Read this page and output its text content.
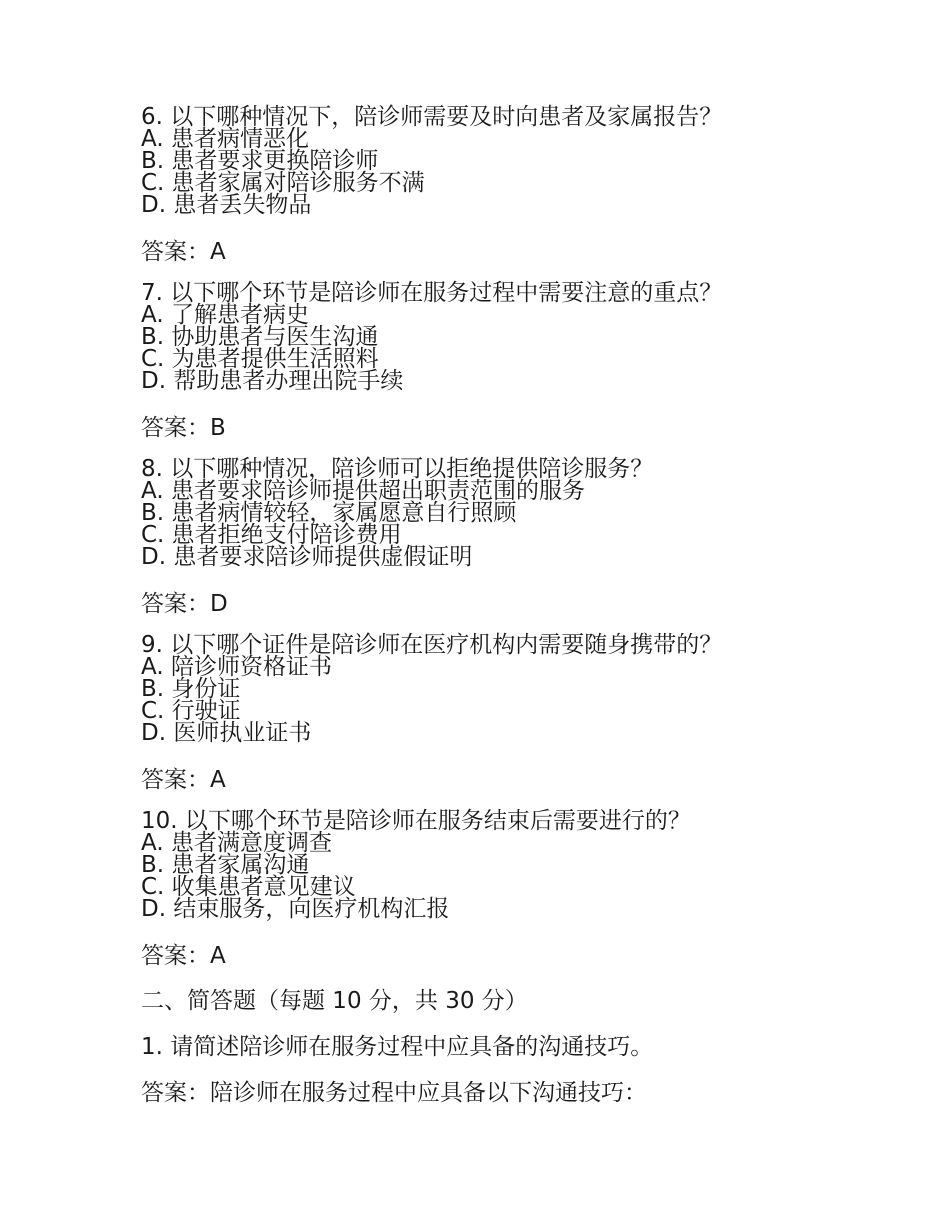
6. 以下哪种情况下，陪诊师需要及时向患者及家属报告？
A. 患者病情恶化
B. 患者要求更换陪诊师
C. 患者家属对陪诊服务不满
D. 患者丢失物品
答案：A
7. 以下哪个环节是陪诊师在服务过程中需要注意的重点？
A. 了解患者病史
B. 协助患者与医生沟通
C. 为患者提供生活照料
D. 帮助患者办理出院手续
答案：B
8. 以下哪种情况，陪诊师可以拒绝提供陪诊服务？
A. 患者要求陪诊师提供超出职责范围的服务
B. 患者病情较轻，家属愿意自行照顾
C. 患者拒绝支付陪诊费用
D. 患者要求陪诊师提供虚假证明
答案：D
9. 以下哪个证件是陪诊师在医疗机构内需要随身携带的？
A. 陪诊师资格证书
B. 身份证
C. 行驶证
D. 医师执业证书
答案：A
10. 以下哪个环节是陪诊师在服务结束后需要进行的？
A. 患者满意度调查
B. 患者家属沟通
C. 收集患者意见建议
D. 结束服务，向医疗机构汇报
答案：A
二、简答题（每题 10 分，共 30 分）
1. 请简述陪诊师在服务过程中应具备的沟通技巧。
答案：陪诊师在服务过程中应具备以下沟通技巧：
